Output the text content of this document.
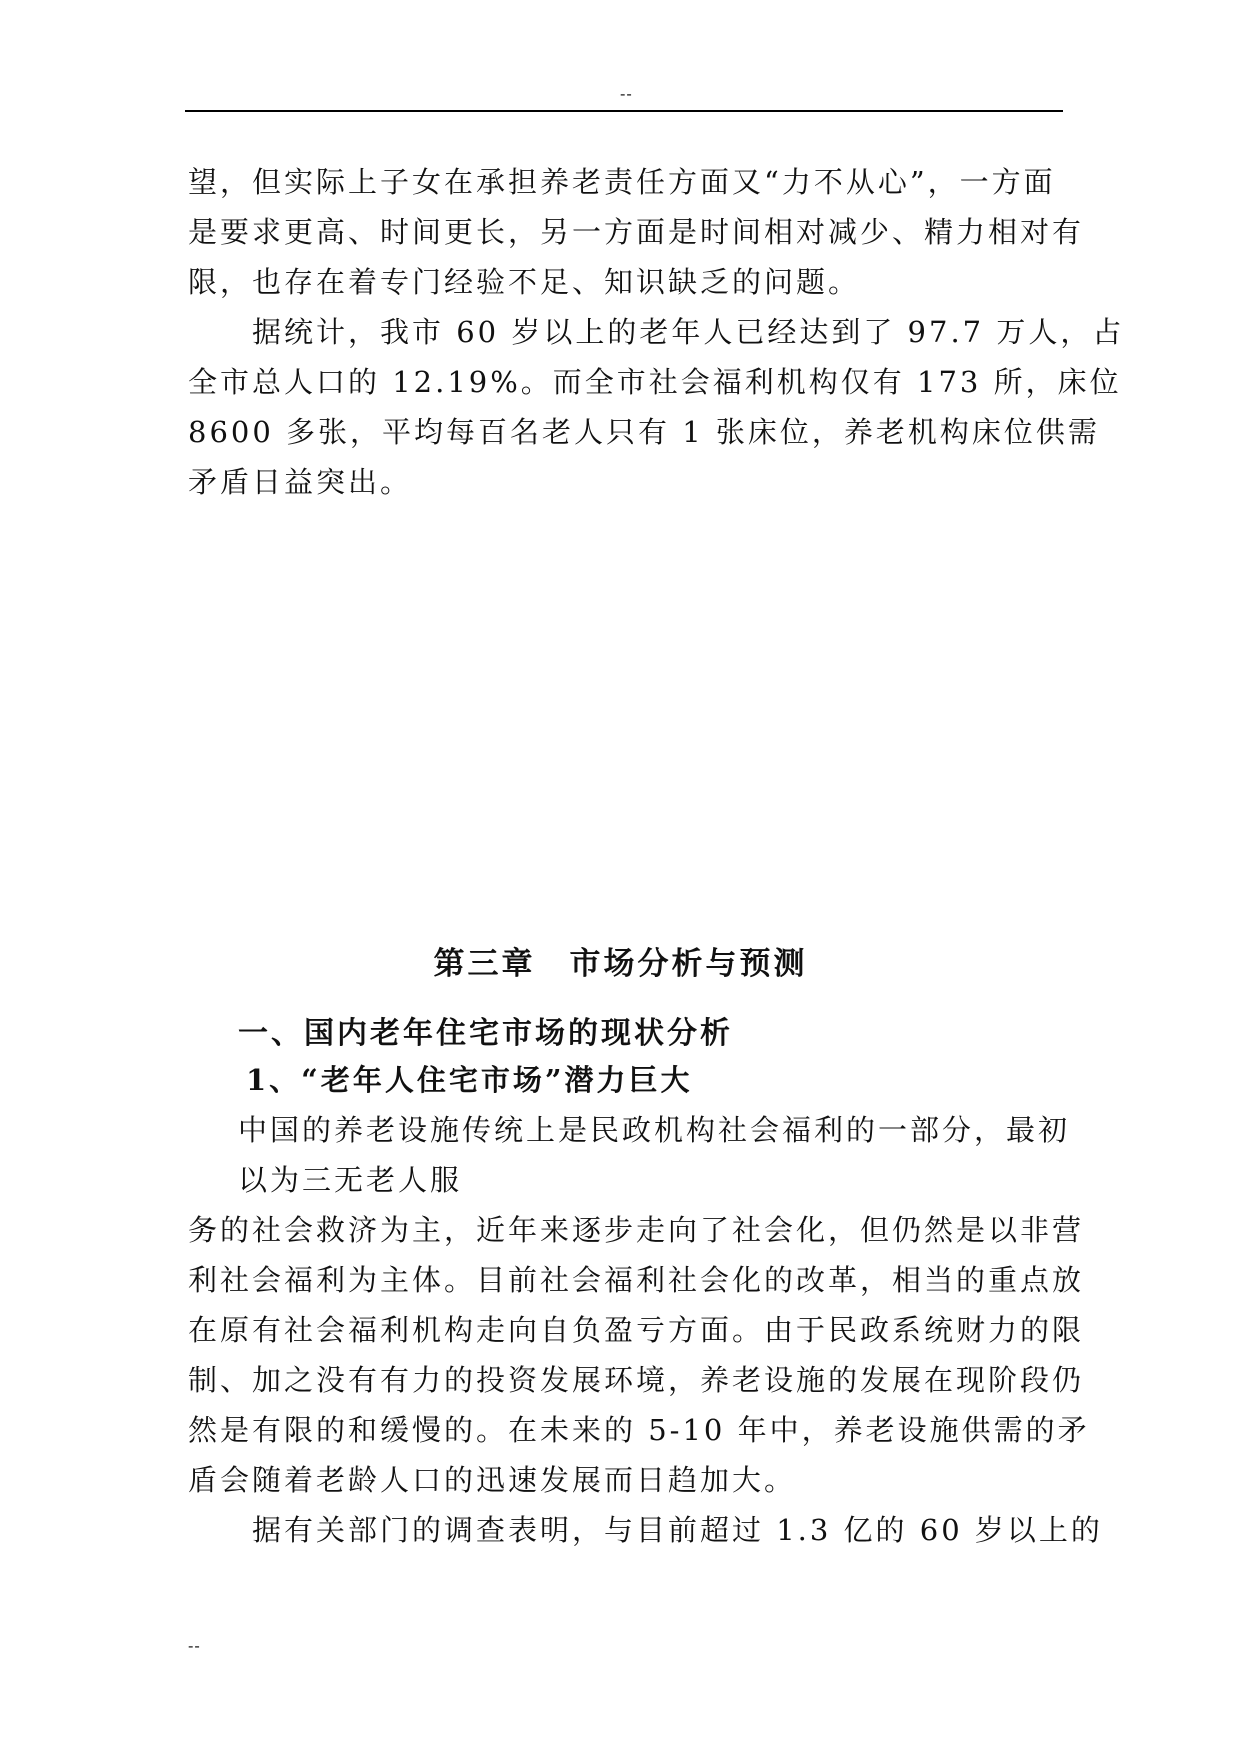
--

望，但实际上子女在承担养老责任方面又“力不从心”，一方面
是要求更高、时间更长，另一方面是时间相对减少、精力相对有
限，也存在着专门经验不足、知识缺乏的问题。

　　据统计，我市 60 岁以上的老年人已经达到了 97.7 万人，占
全市总人口的 12.19%。而全市社会福利机构仅有 173 所，床位
8600 多张，平均每百名老人只有 1 张床位，养老机构床位供需
矛盾日益突出。

第三章　市场分析与预测
一、国内老年住宅市场的现状分析
1、“老年人住宅市场”潜力巨大

中国的养老设施传统上是民政机构社会福利的一部分，最初
以为三无老人服

务的社会救济为主，近年来逐步走向了社会化，但仍然是以非营
利社会福利为主体。目前社会福利社会化的改革，相当的重点放
在原有社会福利机构走向自负盈亏方面。由于民政系统财力的限
制、加之没有有力的投资发展环境，养老设施的发展在现阶段仍
然是有限的和缓慢的。在未来的 5-10 年中，养老设施供需的矛
盾会随着老龄人口的迅速发展而日趋加大。

　　据有关部门的调查表明，与目前超过 1.3 亿的 60 岁以上的

--
